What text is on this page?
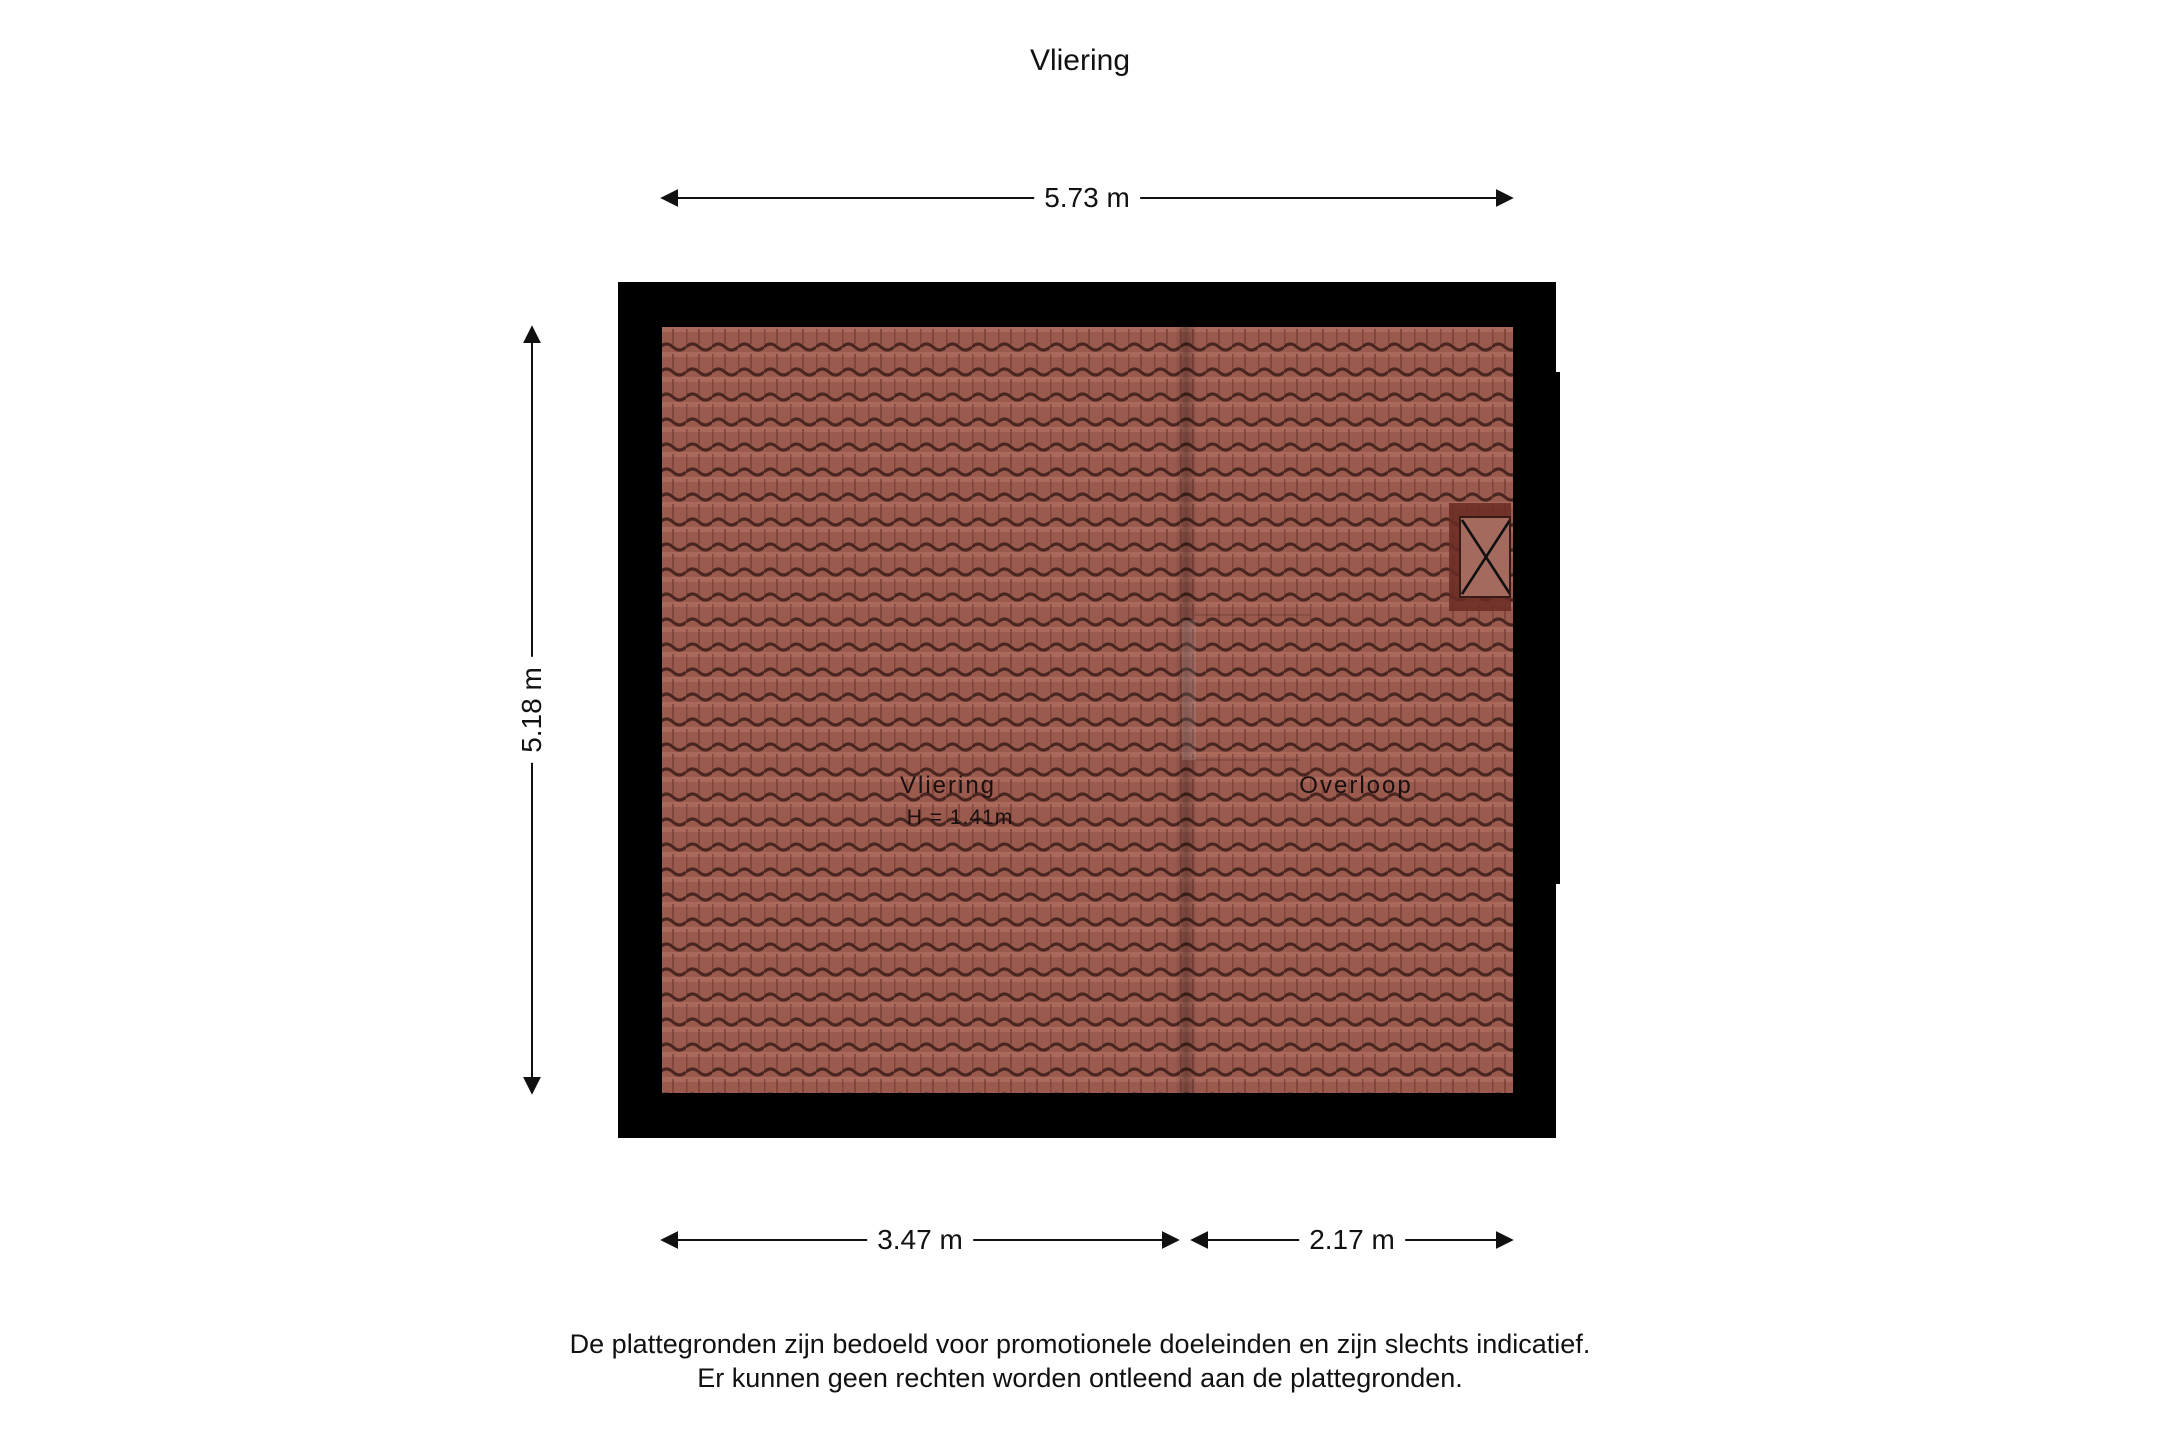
Vliering
5.73 m
5.18 m
3.47 m	2.17 m
Vliering
H = 1.41m
Overloop
De plattegronden zijn bedoeld voor promotionele doeleinden en zijn slechts indicatief.
Er kunnen geen rechten worden ontleend aan de plattegronden.
